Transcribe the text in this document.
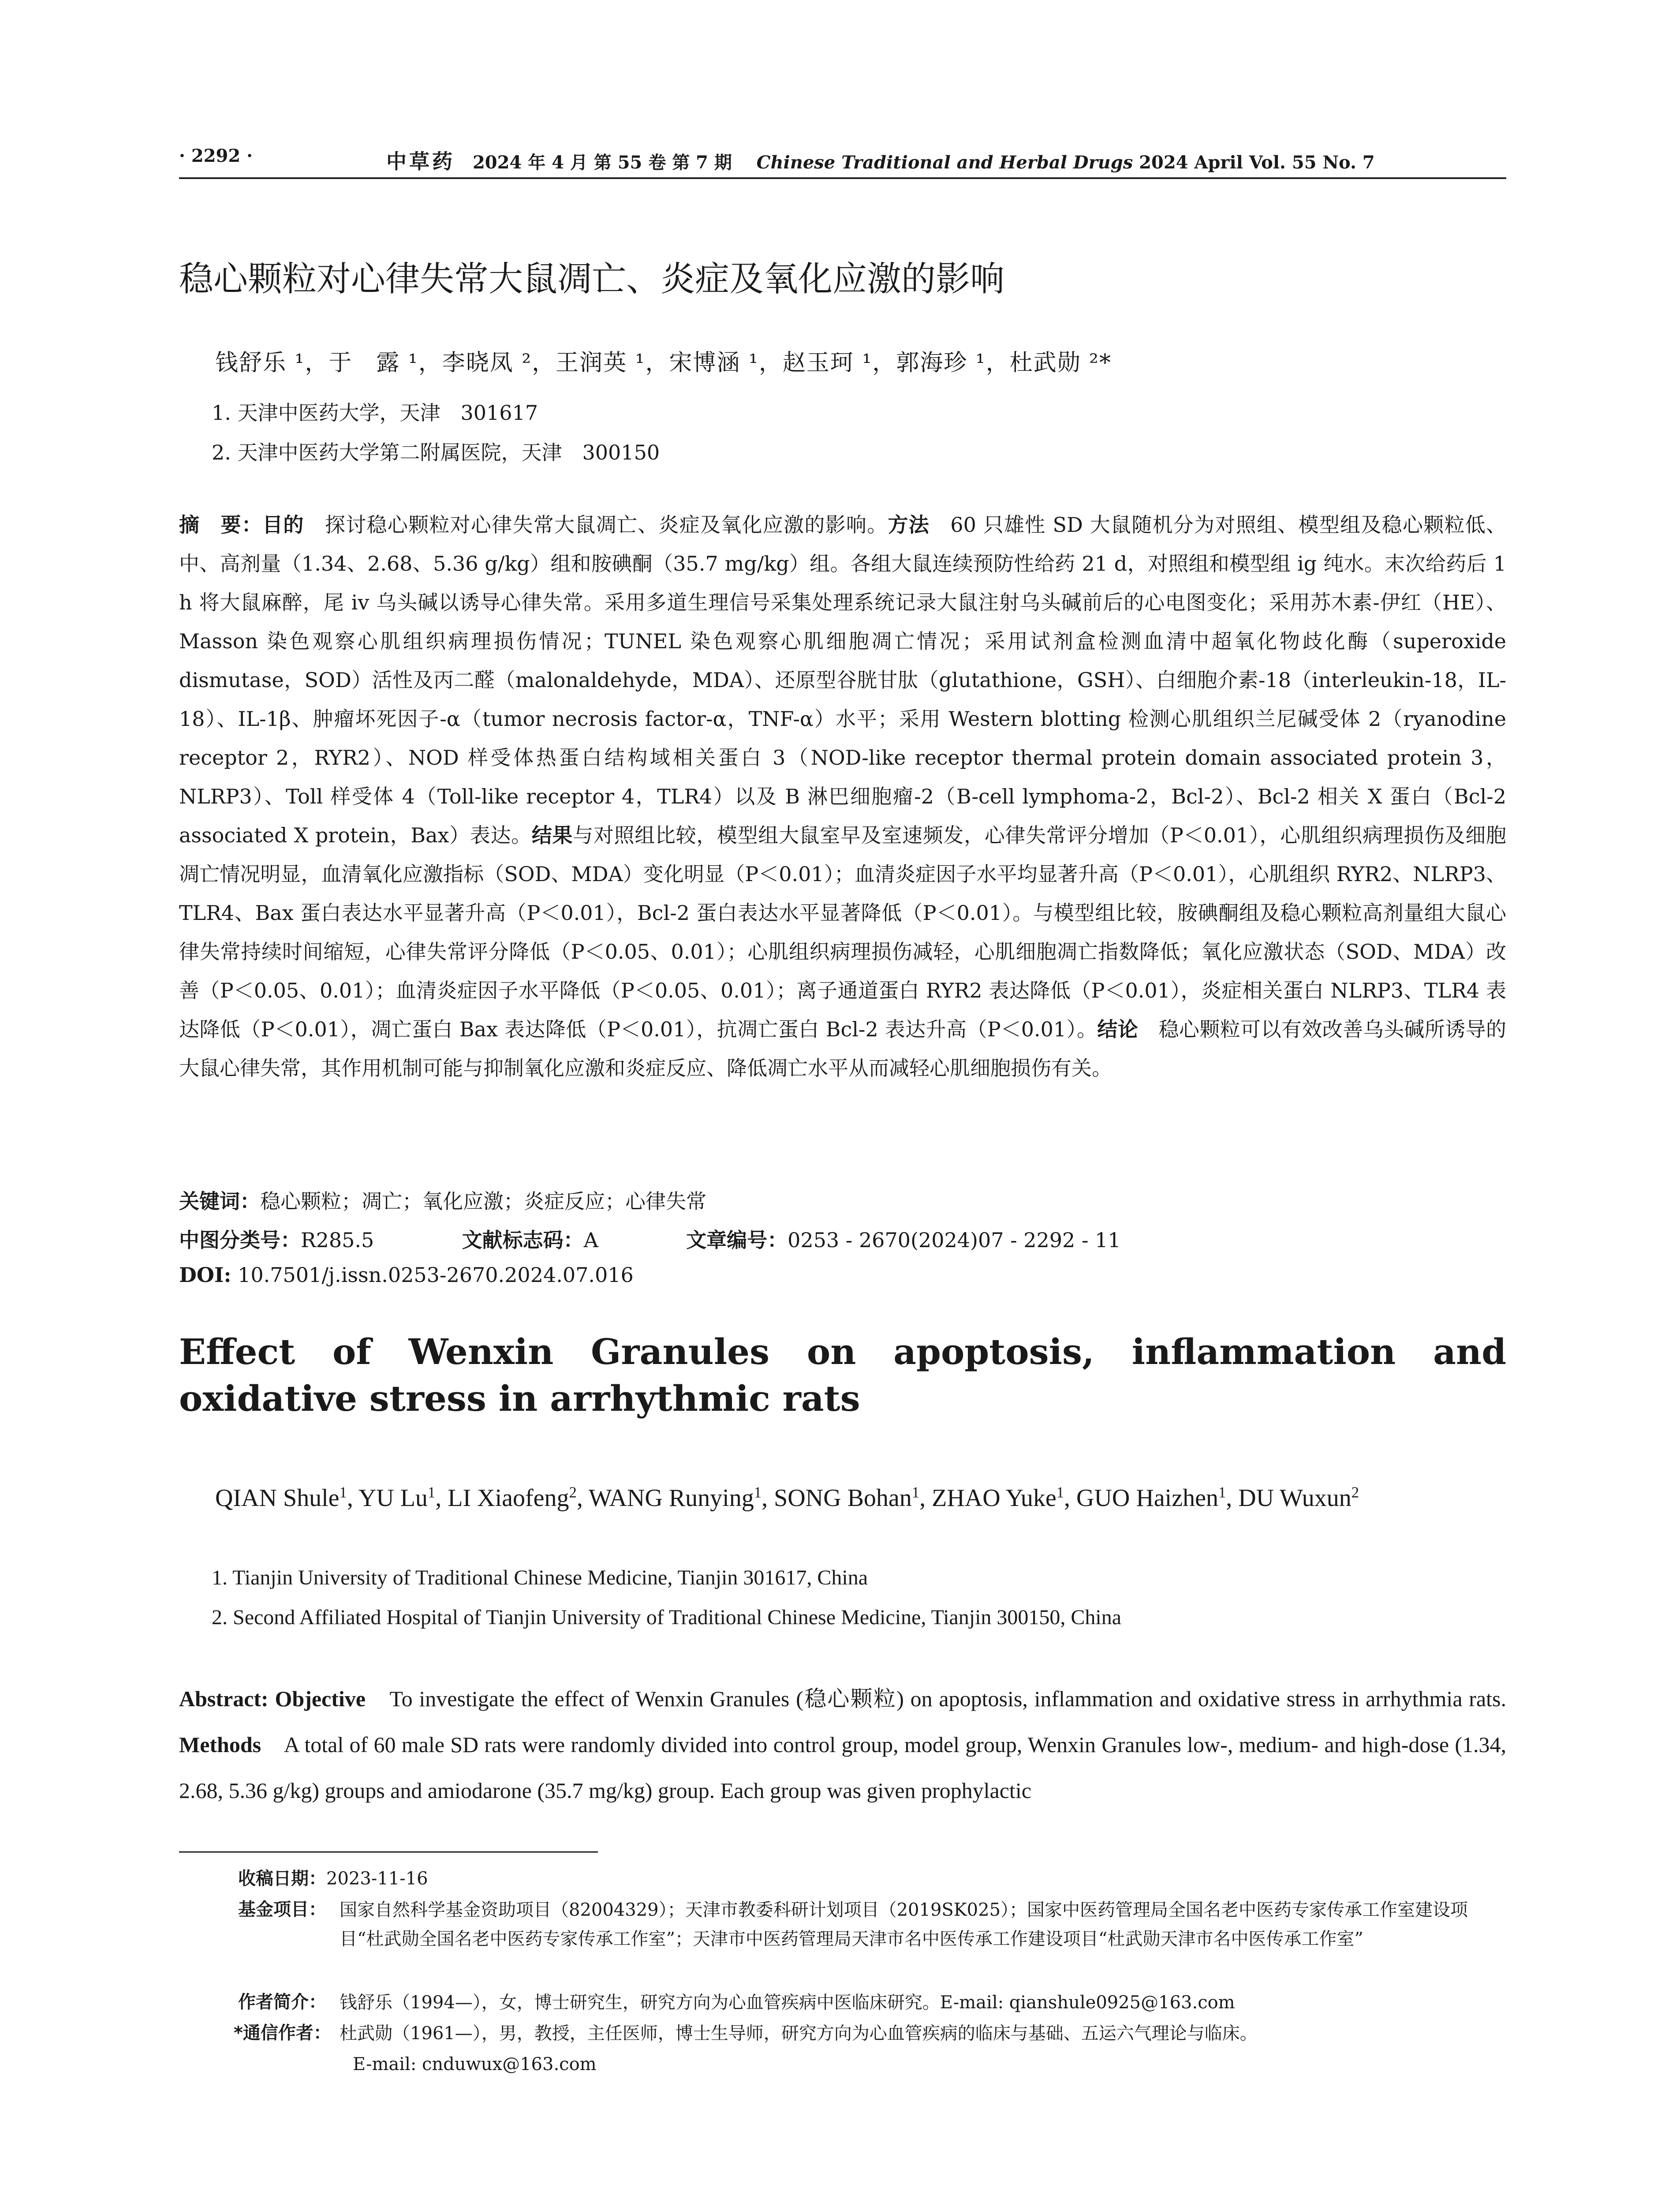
· 2292 ·	中草药 2024 年 4 月 第 55 卷 第 7 期 Chinese Traditional and Herbal Drugs 2024 April Vol. 55 No. 7
稳心颗粒对心律失常大鼠凋亡、炎症及氧化应激的影响
钱舒乐 ¹，于　露 ¹，李晓凤 ²，王润英 ¹，宋博涵 ¹，赵玉珂 ¹，郭海珍 ¹，杜武勋 ²*
1. 天津中医药大学，天津　301617
2. 天津中医药大学第二附属医院，天津　300150
摘　要：目的　探讨稳心颗粒对心律失常大鼠凋亡、炎症及氧化应激的影响。方法　60 只雄性 SD 大鼠随机分为对照组、模型组及稳心颗粒低、中、高剂量（1.34、2.68、5.36 g/kg）组和胺碘酮（35.7 mg/kg）组。各组大鼠连续预防性给药 21 d，对照组和模型组 ig 纯水。末次给药后 1 h 将大鼠麻醉，尾 iv 乌头碱以诱导心律失常。采用多道生理信号采集处理系统记录大鼠注射乌头碱前后的心电图变化；采用苏木素-伊红（HE）、Masson 染色观察心肌组织病理损伤情况；TUNEL 染色观察心肌细胞凋亡情况；采用试剂盒检测血清中超氧化物歧化酶（superoxide dismutase，SOD）活性及丙二醛（malonaldehyde，MDA）、还原型谷胱甘肽（glutathione，GSH）、白细胞介素-18（interleukin-18，IL-18）、IL-1β、肿瘤坏死因子-α（tumor necrosis factor-α，TNF-α）水平；采用 Western blotting 检测心肌组织兰尼碱受体 2（ryanodine receptor 2，RYR2）、NOD 样受体热蛋白结构域相关蛋白 3（NOD-like receptor thermal protein domain associated protein 3，NLRP3）、Toll 样受体 4（Toll-like receptor 4，TLR4）以及 B 淋巴细胞瘤-2（B-cell lymphoma-2，Bcl-2）、Bcl-2 相关 X 蛋白（Bcl-2 associated X protein，Bax）表达。结果与对照组比较，模型组大鼠室早及室速频发，心律失常评分增加（P＜0.01），心肌组织病理损伤及细胞凋亡情况明显，血清氧化应激指标（SOD、MDA）变化明显（P＜0.01）；血清炎症因子水平均显著升高（P＜0.01），心肌组织 RYR2、NLRP3、TLR4、Bax 蛋白表达水平显著升高（P＜0.01），Bcl-2 蛋白表达水平显著降低（P＜0.01）。与模型组比较，胺碘酮组及稳心颗粒高剂量组大鼠心律失常持续时间缩短，心律失常评分降低（P＜0.05、0.01）；心肌组织病理损伤减轻，心肌细胞凋亡指数降低；氧化应激状态（SOD、MDA）改善（P＜0.05、0.01）；血清炎症因子水平降低（P＜0.05、0.01）；离子通道蛋白 RYR2 表达降低（P＜0.01），炎症相关蛋白 NLRP3、TLR4 表达降低（P＜0.01），凋亡蛋白 Bax 表达降低（P＜0.01），抗凋亡蛋白 Bcl-2 表达升高（P＜0.01）。结论　稳心颗粒可以有效改善乌头碱所诱导的大鼠心律失常，其作用机制可能与抑制氧化应激和炎症反应、降低凋亡水平从而减轻心肌细胞损伤有关。
关键词：稳心颗粒；凋亡；氧化应激；炎症反应；心律失常
中图分类号：R285.5	文献标志码：A	文章编号：0253 - 2670(2024)07 - 2292 - 11
DOI: 10.7501/j.issn.0253-2670.2024.07.016
Effect of Wenxin Granules on apoptosis, inflammation and oxidative stress in arrhythmic rats
QIAN Shule$^1$, YU Lu$^1$, LI Xiaofeng$^2$, WANG Runying$^1$, SONG Bohan$^1$, ZHAO Yuke$^1$, GUO Haizhen$^1$, DU Wuxun$^2$
1. Tianjin University of Traditional Chinese Medicine, Tianjin 301617, China
2. Second Affiliated Hospital of Tianjin University of Traditional Chinese Medicine, Tianjin 300150, China
Abstract: Objective　To investigate the effect of Wenxin Granules (稳心颗粒) on apoptosis, inflammation and oxidative stress in arrhythmia rats. Methods　A total of 60 male SD rats were randomly divided into control group, model group, Wenxin Granules low-, medium- and high-dose (1.34, 2.68, 5.36 g/kg) groups and amiodarone (35.7 mg/kg) group. Each group was given prophylactic
收稿日期：2023-11-16
基金项目： 国家自然科学基金资助项目（82004329）；天津市教委科研计划项目（2019SK025）；国家中医药管理局全国名老中医药专家传承工作室建设项目“杜武勋全国名老中医药专家传承工作室”；天津市中医药管理局天津市名中医传承工作建设项目“杜武勋天津市名中医传承工作室”
作者简介： 钱舒乐（1994—），女，博士研究生，研究方向为心血管疾病中医临床研究。E-mail: qianshule0925@163.com
*通信作者： 杜武勋（1961—），男，教授，主任医师，博士生导师，研究方向为心血管疾病的临床与基础、五运六气理论与临床。
E-mail: cnduwux@163.com
